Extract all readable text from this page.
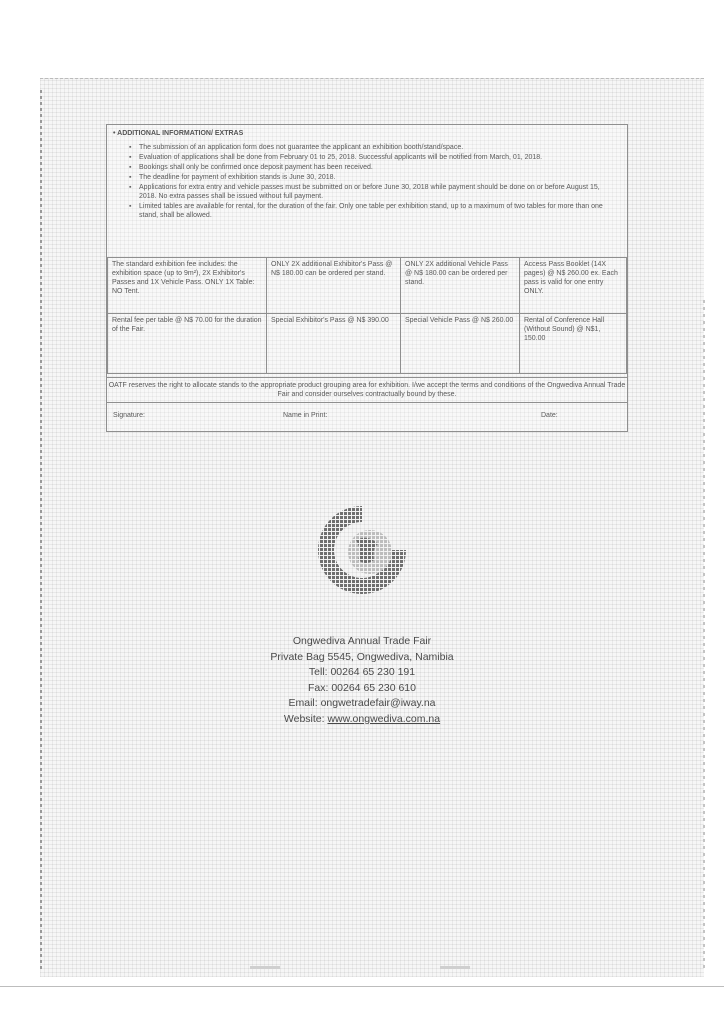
• ADDITIONAL INFORMATION/ EXTRAS
▪ The submission of an application form does not guarantee the applicant an exhibition booth/stand/space.
▪ Evaluation of applications shall be done from February 01 to 25, 2018. Successful applicants will be notified from March, 01, 2018.
▪ Bookings shall only be confirmed once deposit payment has been received.
▪ The deadline for payment of exhibition stands is June 30, 2018.
▪ Applications for extra entry and vehicle passes must be submitted on or before June 30, 2018 while payment should be done on or before August 15, 2018. No extra passes shall be issued without full payment.
▪ Limited tables are available for rental, for the duration of the fair. Only one table per exhibition stand, up to a maximum of two tables for more than one stand, shall be allowed.
The standard exhibition fee includes: the exhibition space (up to 9m²), 2X Exhibitor's Passes and 1X Vehicle Pass. ONLY 1X Table: NO Tent.	ONLY 2X additional Exhibitor's Pass @ N$ 180.00 can be ordered per stand.	ONLY 2X additional Vehicle Pass @ N$ 180.00 can be ordered per stand.	Access Pass Booklet (14X pages) @ N$ 260.00 ex. Each pass is valid for one entry ONLY.
Rental fee per table @ N$ 70.00 for the duration of the Fair.	Special Exhibitor's Pass @ N$ 390.00	Special Vehicle Pass @ N$ 260.00	Rental of Conference Hall (Without Sound) @ N$1, 150.00
OATF reserves the right to allocate stands to the appropriate product grouping area for exhibition. I/we accept the terms and conditions of the Ongwediva Annual Trade Fair and consider ourselves contractually bound by these.
Signature:	Name in Print:	Date:
Ongwediva Annual Trade Fair
Private Bag 5545, Ongwediva, Namibia
Tell: 00264 65 230 191
Fax: 00264 65 230 610
Email: ongwetradefair@iway.na
Website: www.ongwediva.com.na
